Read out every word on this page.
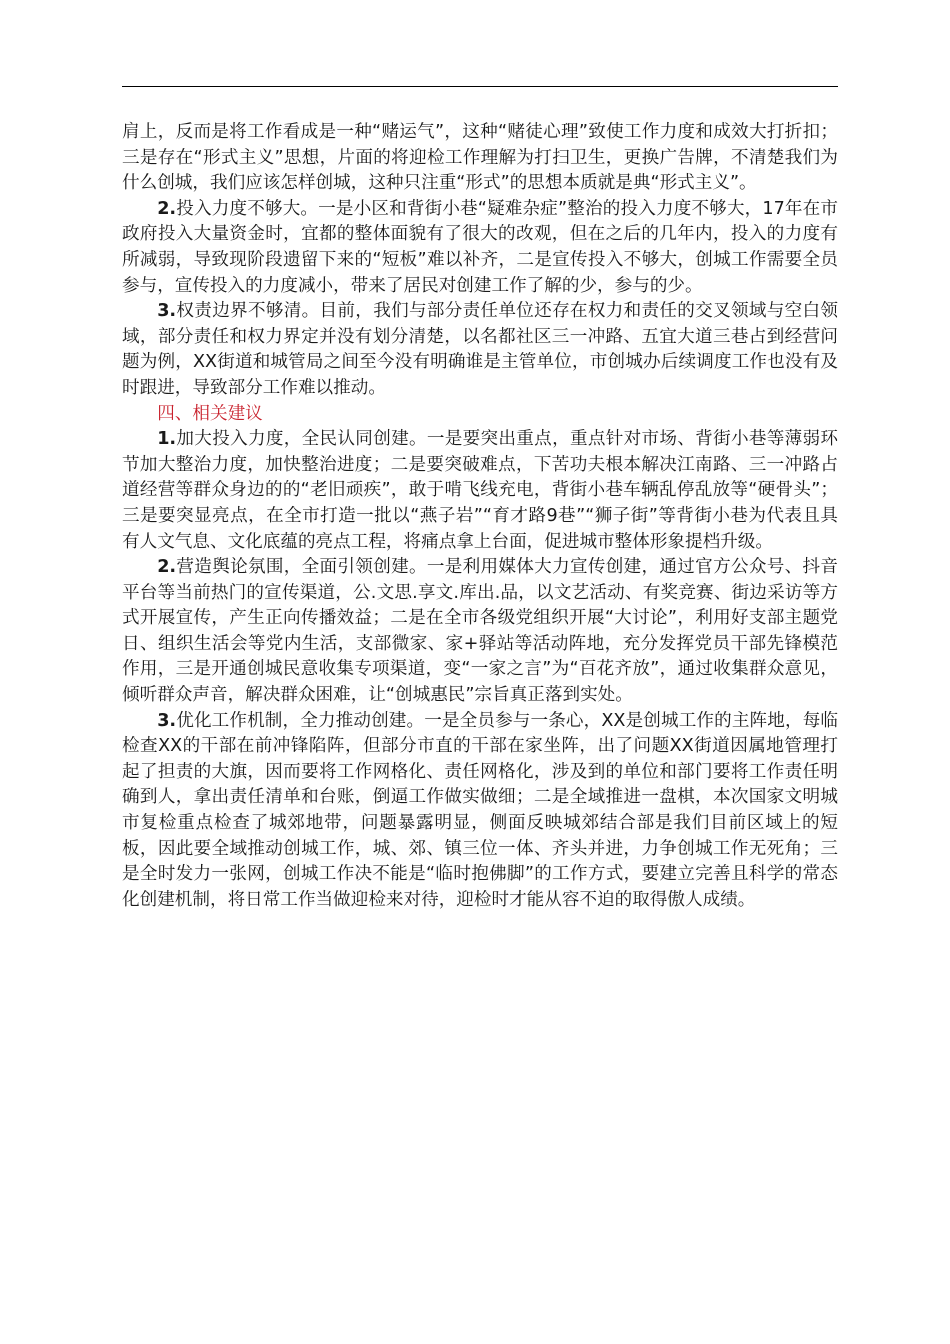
肩上，反而是将工作看成是一种“赌运气”，这种“赌徒心理”致使工作力度和成效大打折扣；三是存在“形式主义”思想，片面的将迎检工作理解为打扫卫生，更换广告牌，不清楚我们为什么创城，我们应该怎样创城，这种只注重“形式”的思想本质就是典“形式主义”。

2.投入力度不够大。一是小区和背街小巷“疑难杂症”整治的投入力度不够大，17年在市政府投入大量资金时，宜都的整体面貌有了很大的改观，但在之后的几年内，投入的力度有所减弱，导致现阶段遗留下来的“短板”难以补齐，二是宣传投入不够大，创城工作需要全员参与，宣传投入的力度减小，带来了居民对创建工作了解的少，参与的少。

3.权责边界不够清。目前，我们与部分责任单位还存在权力和责任的交叉领域与空白领域，部分责任和权力界定并没有划分清楚，以名都社区三一冲路、五宜大道三巷占到经营问题为例，XX街道和城管局之间至今没有明确谁是主管单位，市创城办后续调度工作也没有及时跟进，导致部分工作难以推动。

四、相关建议

1.加大投入力度，全民认同创建。一是要突出重点，重点针对市场、背街小巷等薄弱环节加大整治力度，加快整治进度；二是要突破难点，下苦功夫根本解决江南路、三一冲路占道经营等群众身边的的“老旧顽疾”，敢于啃飞线充电，背街小巷车辆乱停乱放等“硬骨头”；三是要突显亮点，在全市打造一批以“燕子岩”“育才路9巷”“狮子街”等背街小巷为代表且具有人文气息、文化底蕴的亮点工程，将痛点拿上台面，促进城市整体形象提档升级。

2.营造舆论氛围，全面引领创建。一是利用媒体大力宣传创建，通过官方公众号、抖音平台等当前热门的宣传渠道，公.文思.享文.库出.品，以文艺活动、有奖竞赛、街边采访等方式开展宣传，产生正向传播效益；二是在全市各级党组织开展“大讨论”，利用好支部主题党日、组织生活会等党内生活，支部微家、家+驿站等活动阵地，充分发挥党员干部先锋模范作用，三是开通创城民意收集专项渠道，变“一家之言”为“百花齐放”，通过收集群众意见，倾听群众声音，解决群众困难，让“创城惠民”宗旨真正落到实处。

3.优化工作机制，全力推动创建。一是全员参与一条心，XX是创城工作的主阵地，每临检查XX的干部在前冲锋陷阵，但部分市直的干部在家坐阵，出了问题XX街道因属地管理打起了担责的大旗，因而要将工作网格化、责任网格化，涉及到的单位和部门要将工作责任明确到人，拿出责任清单和台账，倒逼工作做实做细；二是全域推进一盘棋，本次国家文明城市复检重点检查了城郊地带，问题暴露明显，侧面反映城郊结合部是我们目前区域上的短板，因此要全域推动创城工作，城、郊、镇三位一体、齐头并进，力争创城工作无死角；三是全时发力一张网，创城工作决不能是“临时抱佛脚”的工作方式，要建立完善且科学的常态化创建机制，将日常工作当做迎检来对待，迎检时才能从容不迫的取得傲人成绩。
